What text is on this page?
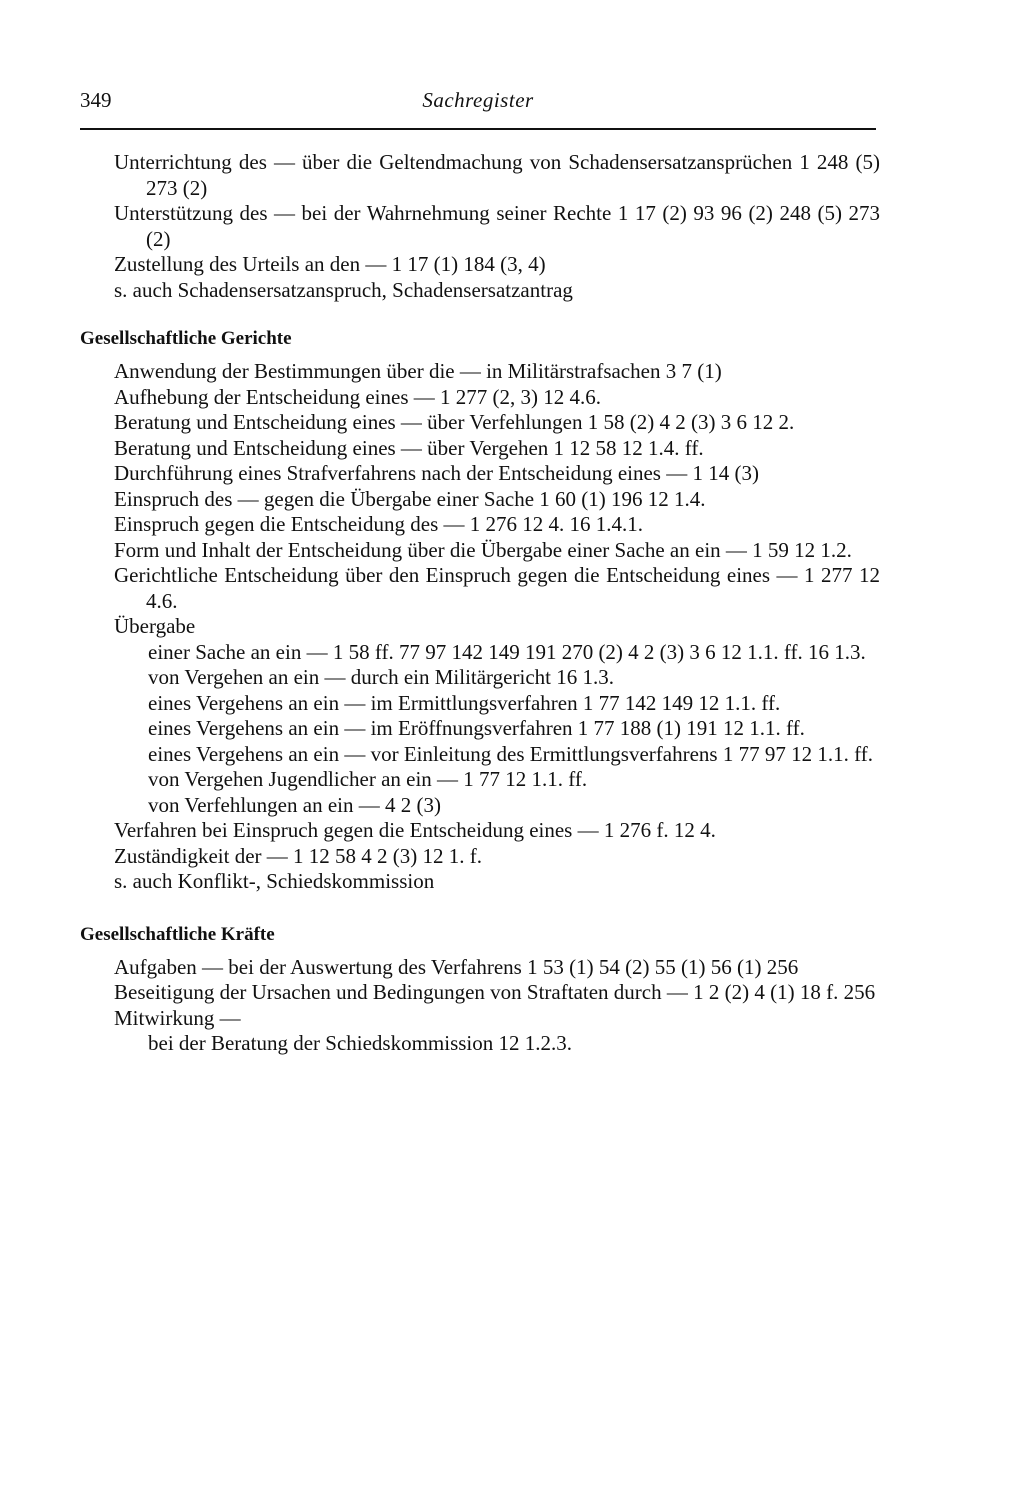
349	Sachregister

Unterrichtung des — über die Geltendmachung von Schadensersatzansprüchen 1 248 (5) 273 (2)

Unterstützung des — bei der Wahrnehmung seiner Rechte 1 17 (2) 93 96 (2) 248 (5) 273 (2)

Zustellung des Urteils an den — 1 17 (1) 184 (3, 4)

s. auch Schadensersatzanspruch, Schadensersatzantrag

Gesellschaftliche Gerichte

Anwendung der Bestimmungen über die — in Militärstrafsachen 3 7 (1)

Aufhebung der Entscheidung eines — 1 277 (2, 3) 12 4.6.

Beratung und Entscheidung eines — über Verfehlungen 1 58 (2) 4 2 (3) 3 6 12 2.

Beratung und Entscheidung eines — über Vergehen 1 12 58 12 1.4. ff.

Durchführung eines Strafverfahrens nach der Entscheidung eines — 1 14 (3)

Einspruch des — gegen die Übergabe einer Sache 1 60 (1) 196 12 1.4.

Einspruch gegen die Entscheidung des — 1 276 12 4. 16 1.4.1.

Form und Inhalt der Entscheidung über die Übergabe einer Sache an ein — 1 59 12 1.2.

Gerichtliche Entscheidung über den Einspruch gegen die Entscheidung eines — 1 277 12 4.6.

Übergabe

einer Sache an ein — 1 58 ff. 77 97 142 149 191 270 (2) 4 2 (3) 3 6 12 1.1. ff. 16 1.3.

von Vergehen an ein — durch ein Militärgericht 16 1.3.

eines Vergehens an ein — im Ermittlungsverfahren 1 77 142 149 12 1.1. ff.

eines Vergehens an ein — im Eröffnungsverfahren 1 77 188 (1) 191 12 1.1. ff.

eines Vergehens an ein — vor Einleitung des Ermittlungsverfahrens 1 77 97 12 1.1. ff.

von Vergehen Jugendlicher an ein — 1 77 12 1.1. ff.

von Verfehlungen an ein — 4 2 (3)

Verfahren bei Einspruch gegen die Entscheidung eines — 1 276 f. 12 4.

Zuständigkeit der — 1 12 58 4 2 (3) 12 1. f.

s. auch Konflikt-, Schiedskommission

Gesellschaftliche Kräfte

Aufgaben — bei der Auswertung des Verfahrens 1 53 (1) 54 (2) 55 (1) 56 (1) 256

Beseitigung der Ursachen und Bedingungen von Straftaten durch — 1 2 (2) 4 (1) 18 f. 256

Mitwirkung —

bei der Beratung der Schiedskommission 12 1.2.3.
